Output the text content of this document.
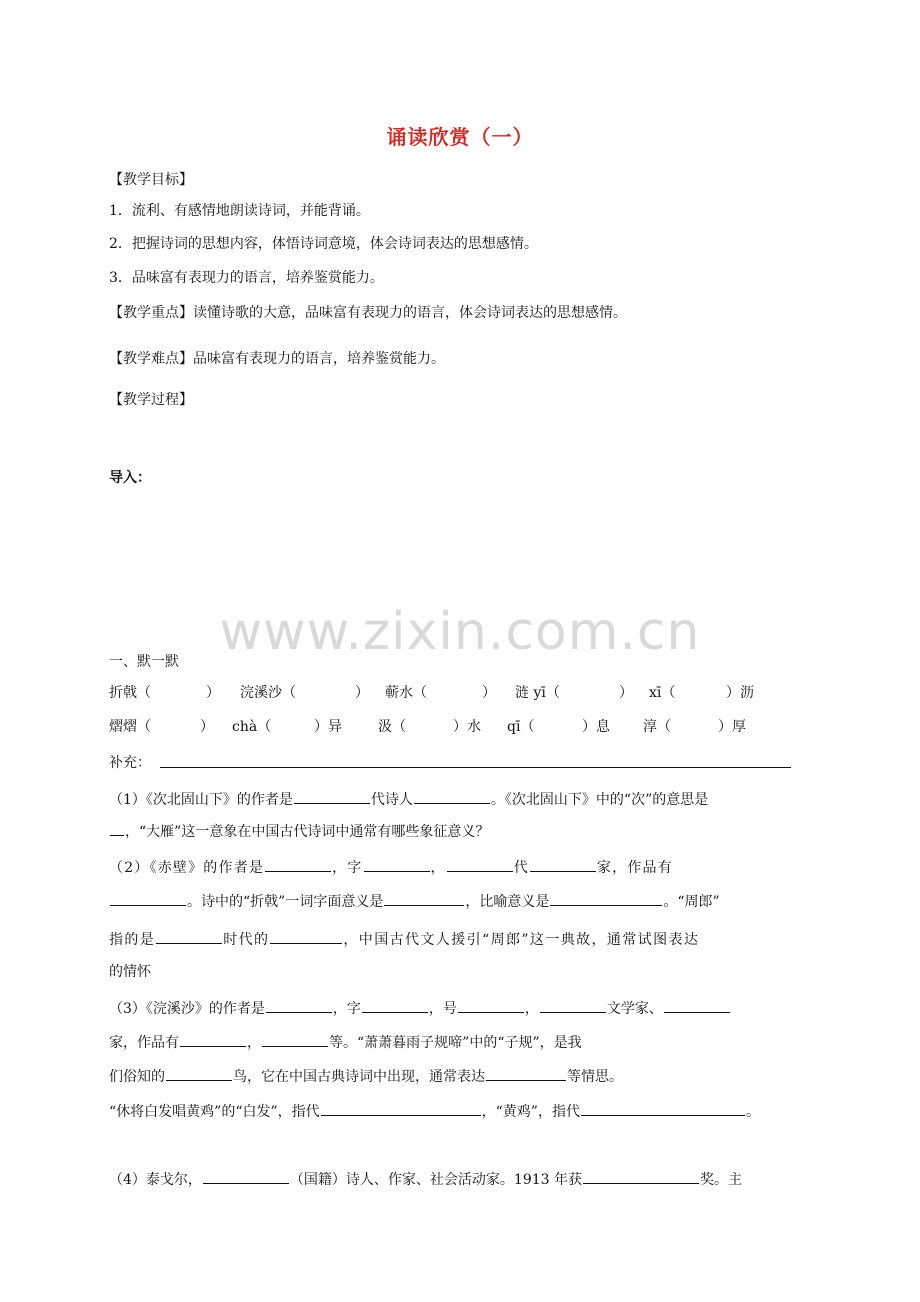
诵读欣赏（一）
【教学目标】
1．流利、有感情地朗读诗词，并能背诵。
2．把握诗词的思想内容，体悟诗词意境，体会诗词表达的思想感情。
3．品味富有表现力的语言，培养鉴赏能力。
【教学重点】读懂诗歌的大意，品味富有表现力的语言，体会诗词表达的思想感情。
【教学难点】品味富有表现力的语言，培养鉴赏能力。
【教学过程】
导入：
www.zixin.com.cn
一、默一默
折戟（	） 浣溪沙（	） 蕲水（	） 涟 yī（	） xī（	）沥
熠熠（	） chà（	）异	汲（	）水 qī（	）息 淳（	）厚
补充：
（1）《次北固山下》的作者是	代诗人	。《次北固山下》中的“次”的意思是
，“大雁”这一意象在中国古代诗词中通常有哪些象征意义？
（2）《赤壁》的作者是	，字	，	代	家，作品有
。诗中的“折戟”一词字面意义是	，比喻意义是	。“周郎”
指的是	时代的	，中国古代文人援引“周郎”这一典故，通常试图表达
的情怀
（3）《浣溪沙》的作者是	，字	，号	，	文学家、
家，作品有	，	等。“萧萧暮雨子规啼”中的“子规”，是我
们俗知的	鸟，它在中国古典诗词中出现，通常表达	等情思。
“休将白发唱黄鸡”的“白发”，指代	，“黄鸡”，指代	。
（4）泰戈尔，	（国籍）诗人、作家、社会活动家。1913 年获	奖。主
